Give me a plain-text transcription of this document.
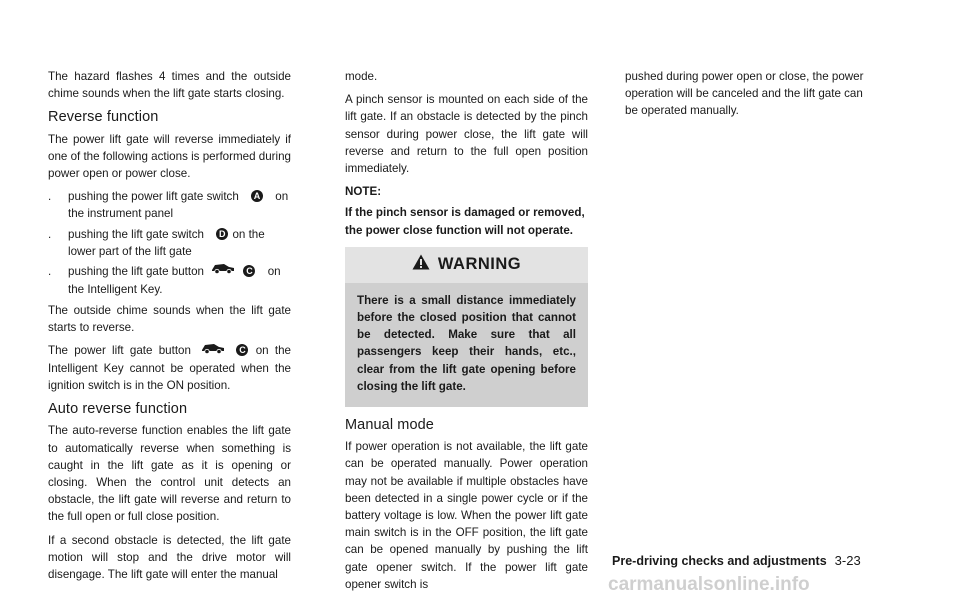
The hazard flashes 4 times and the outside chime sounds when the lift gate starts closing.

Reverse function

The power lift gate will reverse immediately if one of the following actions is performed during power open or power close.

. pushing the power lift gate switch A on the instrument panel
. pushing the lift gate switch D on the lower part of the lift gate
. pushing the lift gate button	C on the Intelligent Key.

The outside chime sounds when the lift gate starts to reverse.

The power lift gate button	C on the Intelligent Key cannot be operated when the ignition switch is in the ON position.

Auto reverse function

The auto-reverse function enables the lift gate to automatically reverse when something is caught in the lift gate as it is opening or closing. When the control unit detects an obstacle, the lift gate will reverse and return to the full open or full close position.

If a second obstacle is detected, the lift gate motion will stop and the drive motor will disengage. The lift gate will enter the manual

mode.

A pinch sensor is mounted on each side of the lift gate. If an obstacle is detected by the pinch sensor during power close, the lift gate will reverse and return to the full open position immediately.

NOTE:
If the pinch sensor is damaged or removed, the power close function will not operate.
WARNING
There is a small distance immediately before the closed position that cannot be detected. Make sure that all passengers keep their hands, etc., clear from the lift gate opening before closing the lift gate.
Manual mode

If power operation is not available, the lift gate can be operated manually. Power operation may not be available if multiple obstacles have been detected in a single power cycle or if the battery voltage is low. When the power lift gate main switch is in the OFF position, the lift gate can be opened manually by pushing the lift gate opener switch. If the power lift gate opener switch is

pushed during power open or close, the power operation will be canceled and the lift gate can be operated manually.

Pre-driving checks and adjustments 3-23
carmanualsonline.info
